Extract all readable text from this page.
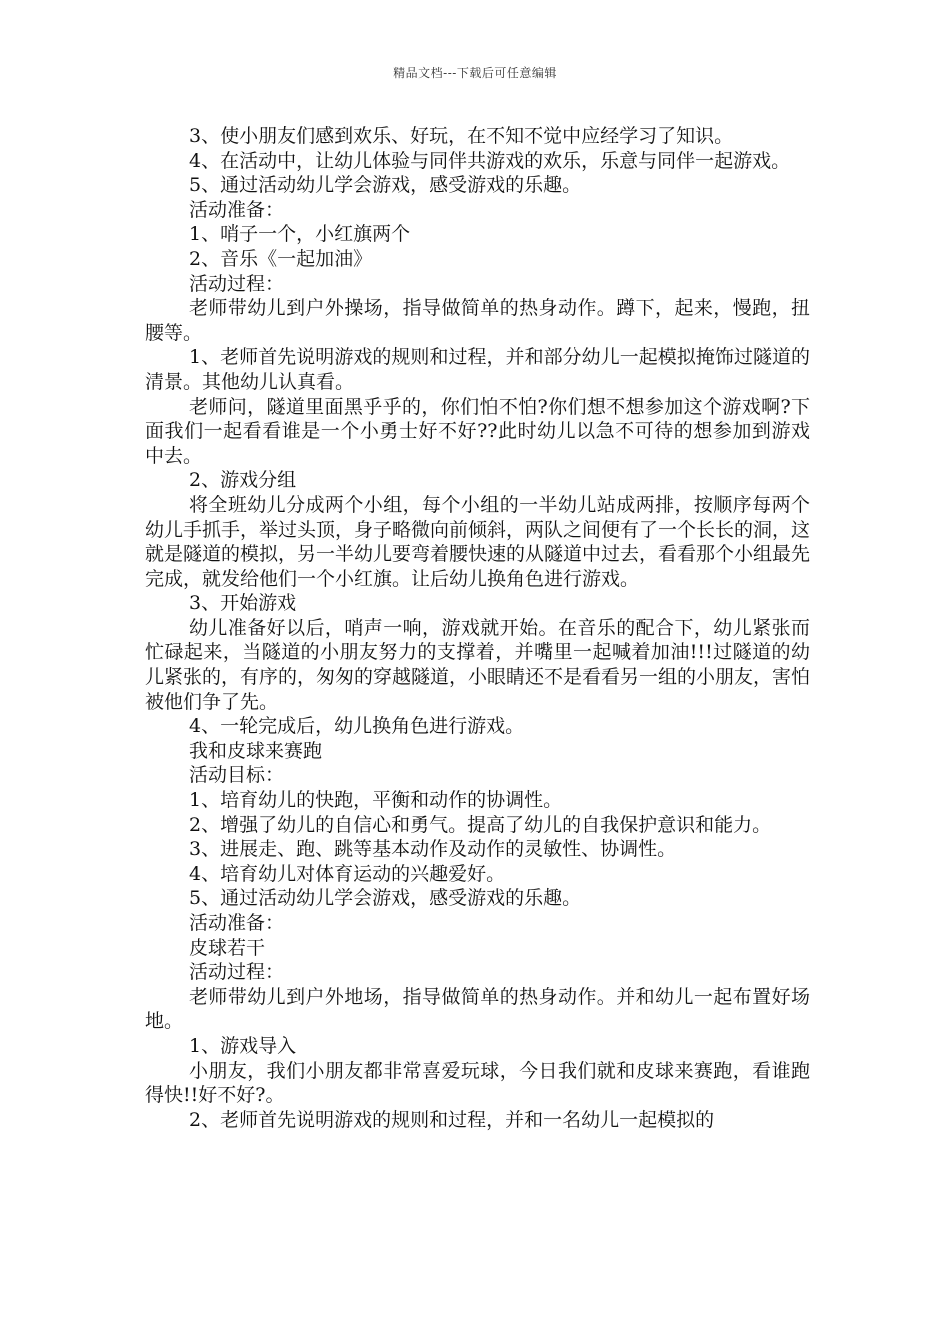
精品文档---下载后可任意编辑

3、使小朋友们感到欢乐、好玩，在不知不觉中应经学习了知识。

4、在活动中，让幼儿体验与同伴共游戏的欢乐，乐意与同伴一起游戏。

5、通过活动幼儿学会游戏，感受游戏的乐趣。

活动准备：

1、哨子一个，小红旗两个

2、音乐《一起加油》

活动过程：

老师带幼儿到户外操场，指导做简单的热身动作。蹲下，起来，慢跑，扭腰等。

1、老师首先说明游戏的规则和过程，并和部分幼儿一起模拟掩饰过隧道的清景。其他幼儿认真看。

老师问，隧道里面黑乎乎的，你们怕不怕?你们想不想参加这个游戏啊?下面我们一起看看谁是一个小勇士好不好??此时幼儿以急不可待的想参加到游戏中去。

2、游戏分组

将全班幼儿分成两个小组，每个小组的一半幼儿站成两排，按顺序每两个幼儿手抓手，举过头顶，身子略微向前倾斜，两队之间便有了一个长长的洞，这就是隧道的模拟，另一半幼儿要弯着腰快速的从隧道中过去，看看那个小组最先完成，就发给他们一个小红旗。让后幼儿换角色进行游戏。

3、开始游戏

幼儿准备好以后，哨声一响，游戏就开始。在音乐的配合下，幼儿紧张而忙碌起来，当隧道的小朋友努力的支撑着，并嘴里一起喊着加油!!!过隧道的幼儿紧张的，有序的，匆匆的穿越隧道，小眼睛还不是看看另一组的小朋友，害怕被他们争了先。

4、一轮完成后，幼儿换角色进行游戏。

我和皮球来赛跑

活动目标：

1、培育幼儿的快跑，平衡和动作的协调性。

2、增强了幼儿的自信心和勇气。提高了幼儿的自我保护意识和能力。

3、进展走、跑、跳等基本动作及动作的灵敏性、协调性。

4、培育幼儿对体育运动的兴趣爱好。

5、通过活动幼儿学会游戏，感受游戏的乐趣。

活动准备：

皮球若干

活动过程：

老师带幼儿到户外地场，指导做简单的热身动作。并和幼儿一起布置好场地。

1、游戏导入

小朋友，我们小朋友都非常喜爱玩球，今日我们就和皮球来赛跑，看谁跑得快!!好不好?。

2、老师首先说明游戏的规则和过程，并和一名幼儿一起模拟的
